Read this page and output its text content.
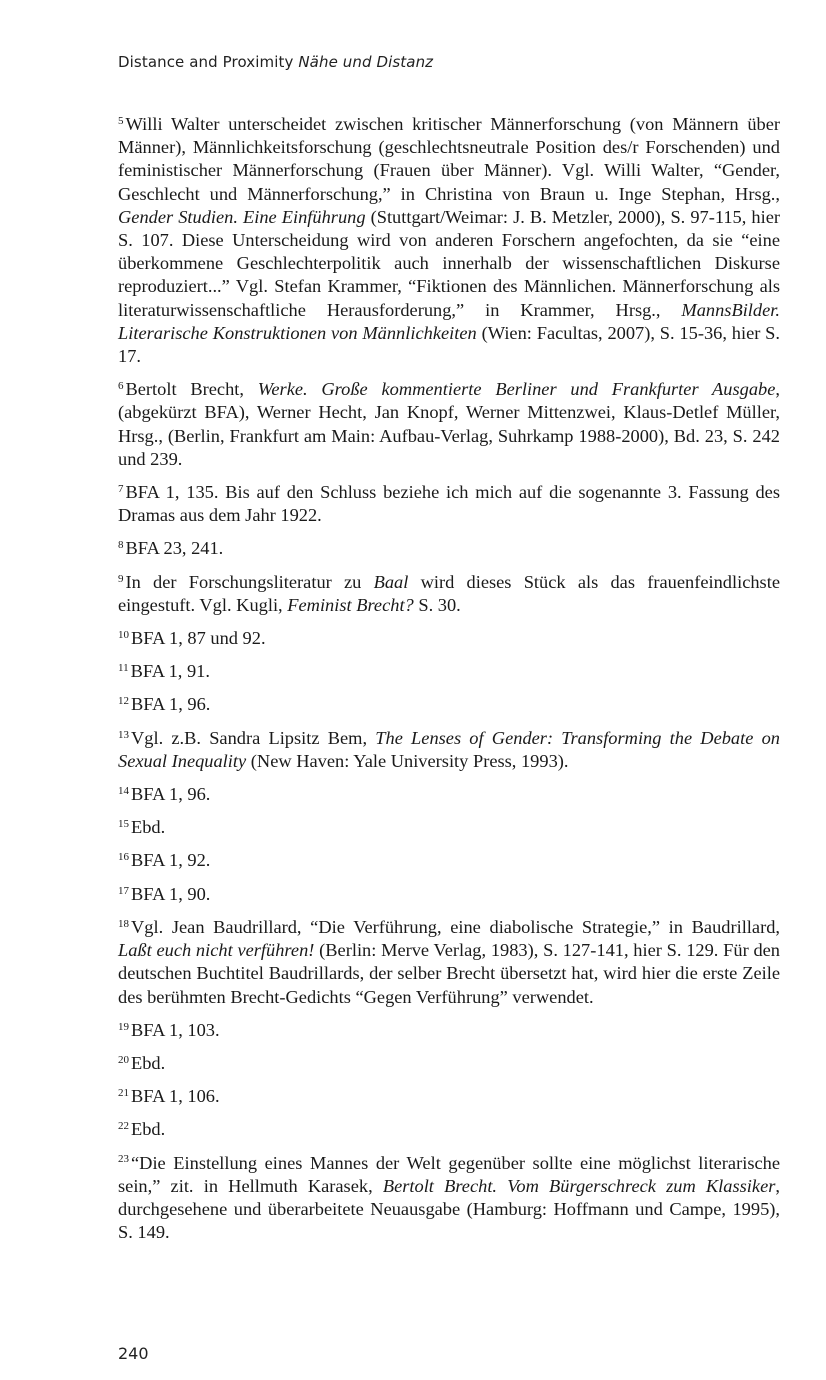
Distance and Proximity Nähe und Distanz

$^5$ Willi Walter unterscheidet zwischen kritischer Männerforschung (von Männern über Männer), Männlichkeitsforschung (geschlechtsneutrale Position des/r Forschenden) und feministischer Männerforschung (Frauen über Männer). Vgl. Willi Walter, “Gender, Geschlecht und Männerforschung,” in Christina von Braun u. Inge Stephan, Hrsg., Gender Studien. Eine Einführung (Stuttgart/Weimar: J. B. Metzler, 2000), S. 97-115, hier S. 107. Diese Unterscheidung wird von anderen Forschern angefochten, da sie “eine überkommene Geschlechterpolitik auch innerhalb der wissenschaftlichen Diskurse reproduziert...” Vgl. Stefan Krammer, “Fiktionen des Männlichen. Männerforschung als literaturwissenschaftliche Herausforderung,” in Krammer, Hrsg., MannsBilder. Literarische Konstruktionen von Männlichkeiten (Wien: Facultas, 2007), S. 15-36, hier S. 17.

$^6$ Bertolt Brecht, Werke. Große kommentierte Berliner und Frankfurter Ausgabe, (abgekürzt BFA), Werner Hecht, Jan Knopf, Werner Mittenzwei, Klaus-Detlef Müller, Hrsg., (Berlin, Frankfurt am Main: Aufbau-Verlag, Suhrkamp 1988-2000), Bd. 23, S. 242 und 239.

$^7$ BFA 1, 135. Bis auf den Schluss beziehe ich mich auf die sogenannte 3. Fassung des Dramas aus dem Jahr 1922.

$^8$ BFA 23, 241.

$^9$ In der Forschungsliteratur zu Baal wird dieses Stück als das frauenfeindlichste eingestuft. Vgl. Kugli, Feminist Brecht? S. 30.

$^{10}$ BFA 1, 87 und 92.

$^{11}$ BFA 1, 91.

$^{12}$ BFA 1, 96.

$^{13}$ Vgl. z.B. Sandra Lipsitz Bem, The Lenses of Gender: Transforming the Debate on Sexual Inequality (New Haven: Yale University Press, 1993).

$^{14}$ BFA 1, 96.

$^{15}$ Ebd.

$^{16}$ BFA 1, 92.

$^{17}$ BFA 1, 90.

$^{18}$ Vgl. Jean Baudrillard, “Die Verführung, eine diabolische Strategie,” in Baudrillard, Laßt euch nicht verführen! (Berlin: Merve Verlag, 1983), S. 127-141, hier S. 129. Für den deutschen Buchtitel Baudrillards, der selber Brecht übersetzt hat, wird hier die erste Zeile des berühmten Brecht-Gedichts “Gegen Verführung” verwendet.

$^{19}$ BFA 1, 103.

$^{20}$ Ebd.

$^{21}$ BFA 1, 106.

$^{22}$ Ebd.

$^{23}$ “Die Einstellung eines Mannes der Welt gegenüber sollte eine möglichst literarische sein,” zit. in Hellmuth Karasek, Bertolt Brecht. Vom Bürgerschreck zum Klassiker, durchgesehene und überarbeitete Neuausgabe (Hamburg: Hoffmann und Campe, 1995), S. 149.

240
